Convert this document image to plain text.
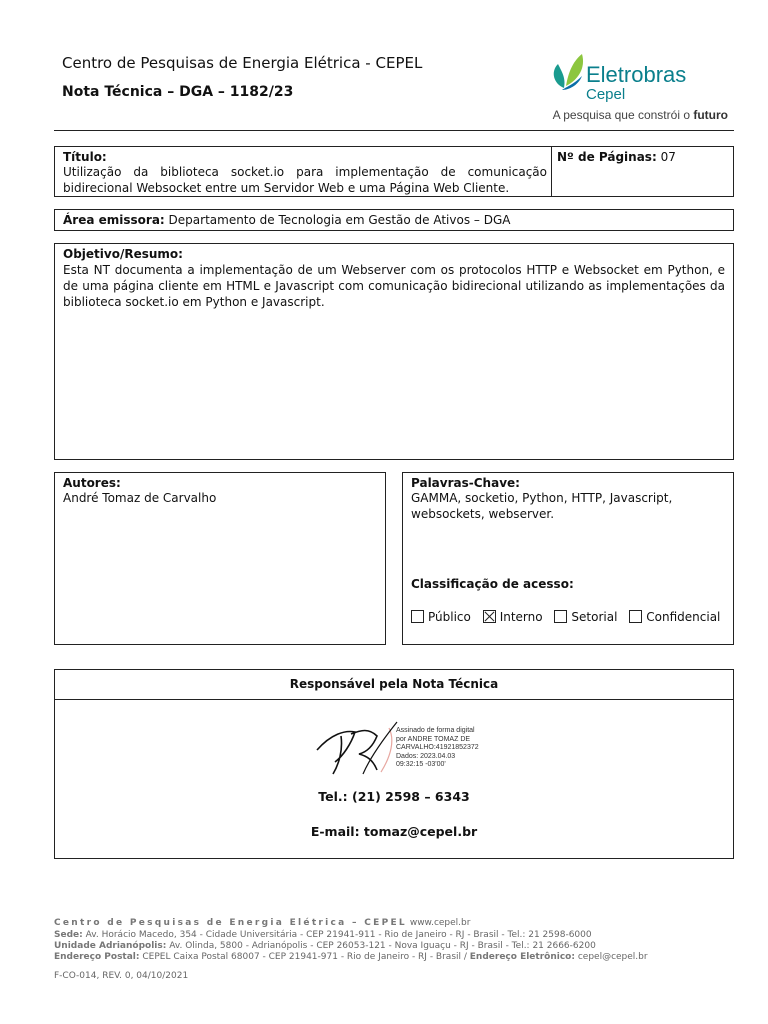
Centro de Pesquisas de Energia Elétrica - CEPEL
Nota Técnica – DGA – 1182/23
Eletrobras
Cepel
A pesquisa que constrói o futuro
Título:
Utilização da biblioteca socket.io para implementação de comunicação bidirecional Websocket entre um Servidor Web e uma Página Web Cliente.
Nº de Páginas: 07
Área emissora: Departamento de Tecnologia em Gestão de Ativos – DGA
Objetivo/Resumo:
Esta NT documenta a implementação de um Webserver com os protocolos HTTP e Websocket em Python, e de uma página cliente em HTML e Javascript com comunicação bidirecional utilizando as implementações da biblioteca socket.io em Python e Javascript.
Autores:
André Tomaz de Carvalho
Palavras-Chave:
GAMMA, socketio, Python, HTTP, Javascript, websockets, webserver.
Classificação de acesso:
Público Interno Setorial Confidencial
Responsável pela Nota Técnica
Assinado de forma digital
por ANDRE TOMAZ DE
CARVALHO:41921852372
Dados: 2023.04.03
09:32:15 -03'00'
Tel.: (21) 2598 – 6343
E-mail: tomaz@cepel.br
Centro de Pesquisas de Energia Elétrica – CEPEL www.cepel.br
Sede: Av. Horácio Macedo, 354 - Cidade Universitária - CEP 21941-911 - Rio de Janeiro - RJ - Brasil - Tel.: 21 2598-6000
Unidade Adrianópolis: Av. Olinda, 5800 - Adrianópolis - CEP 26053-121 - Nova Iguaçu - RJ - Brasil - Tel.: 21 2666-6200
Endereço Postal: CEPEL Caixa Postal 68007 - CEP 21941-971 - Rio de Janeiro - RJ - Brasil / Endereço Eletrônico: cepel@cepel.br
F-CO-014, REV. 0, 04/10/2021
